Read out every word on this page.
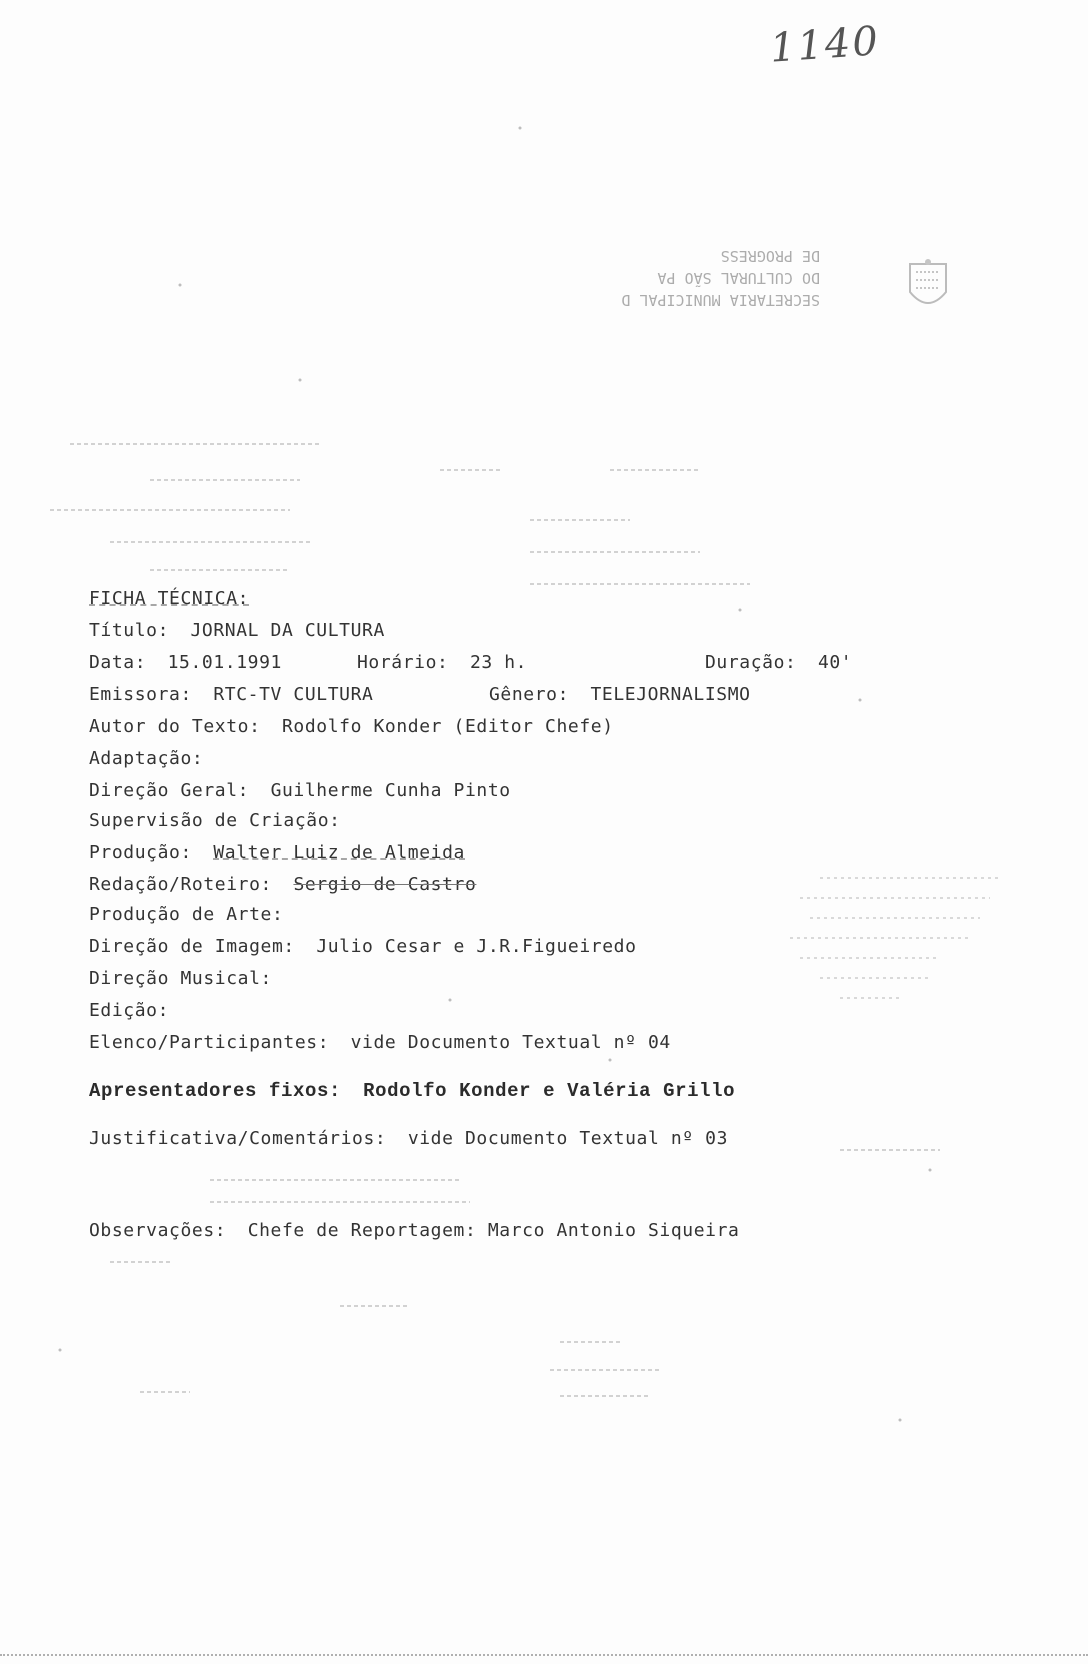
1140
SECRETARIA MUNICIPAL D
DO CULTURAL SÃO PA
DE PROGRESS
FICHA TÉCNICA:
Título: JORNAL DA CULTURA
Data: 15.01.1991	Horário: 23 h.	Duração: 40'
Emissora: RTC-TV CULTURA	Gênero: TELEJORNALISMO
Autor do Texto: Rodolfo Konder (Editor Chefe)
Adaptação:
Direção Geral: Guilherme Cunha Pinto
Supervisão de Criação:
Produção: Walter Luiz de Almeida
Redação/Roteiro: Sergio de Castro
Produção de Arte:
Direção de Imagem: Julio Cesar e J.R.Figueiredo
Direção Musical:
Edição:
Elenco/Participantes: vide Documento Textual nº 04
Apresentadores fixos: Rodolfo Konder e Valéria Grillo
Justificativa/Comentários: vide Documento Textual nº 03
Observações: Chefe de Reportagem: Marco Antonio Siqueira
